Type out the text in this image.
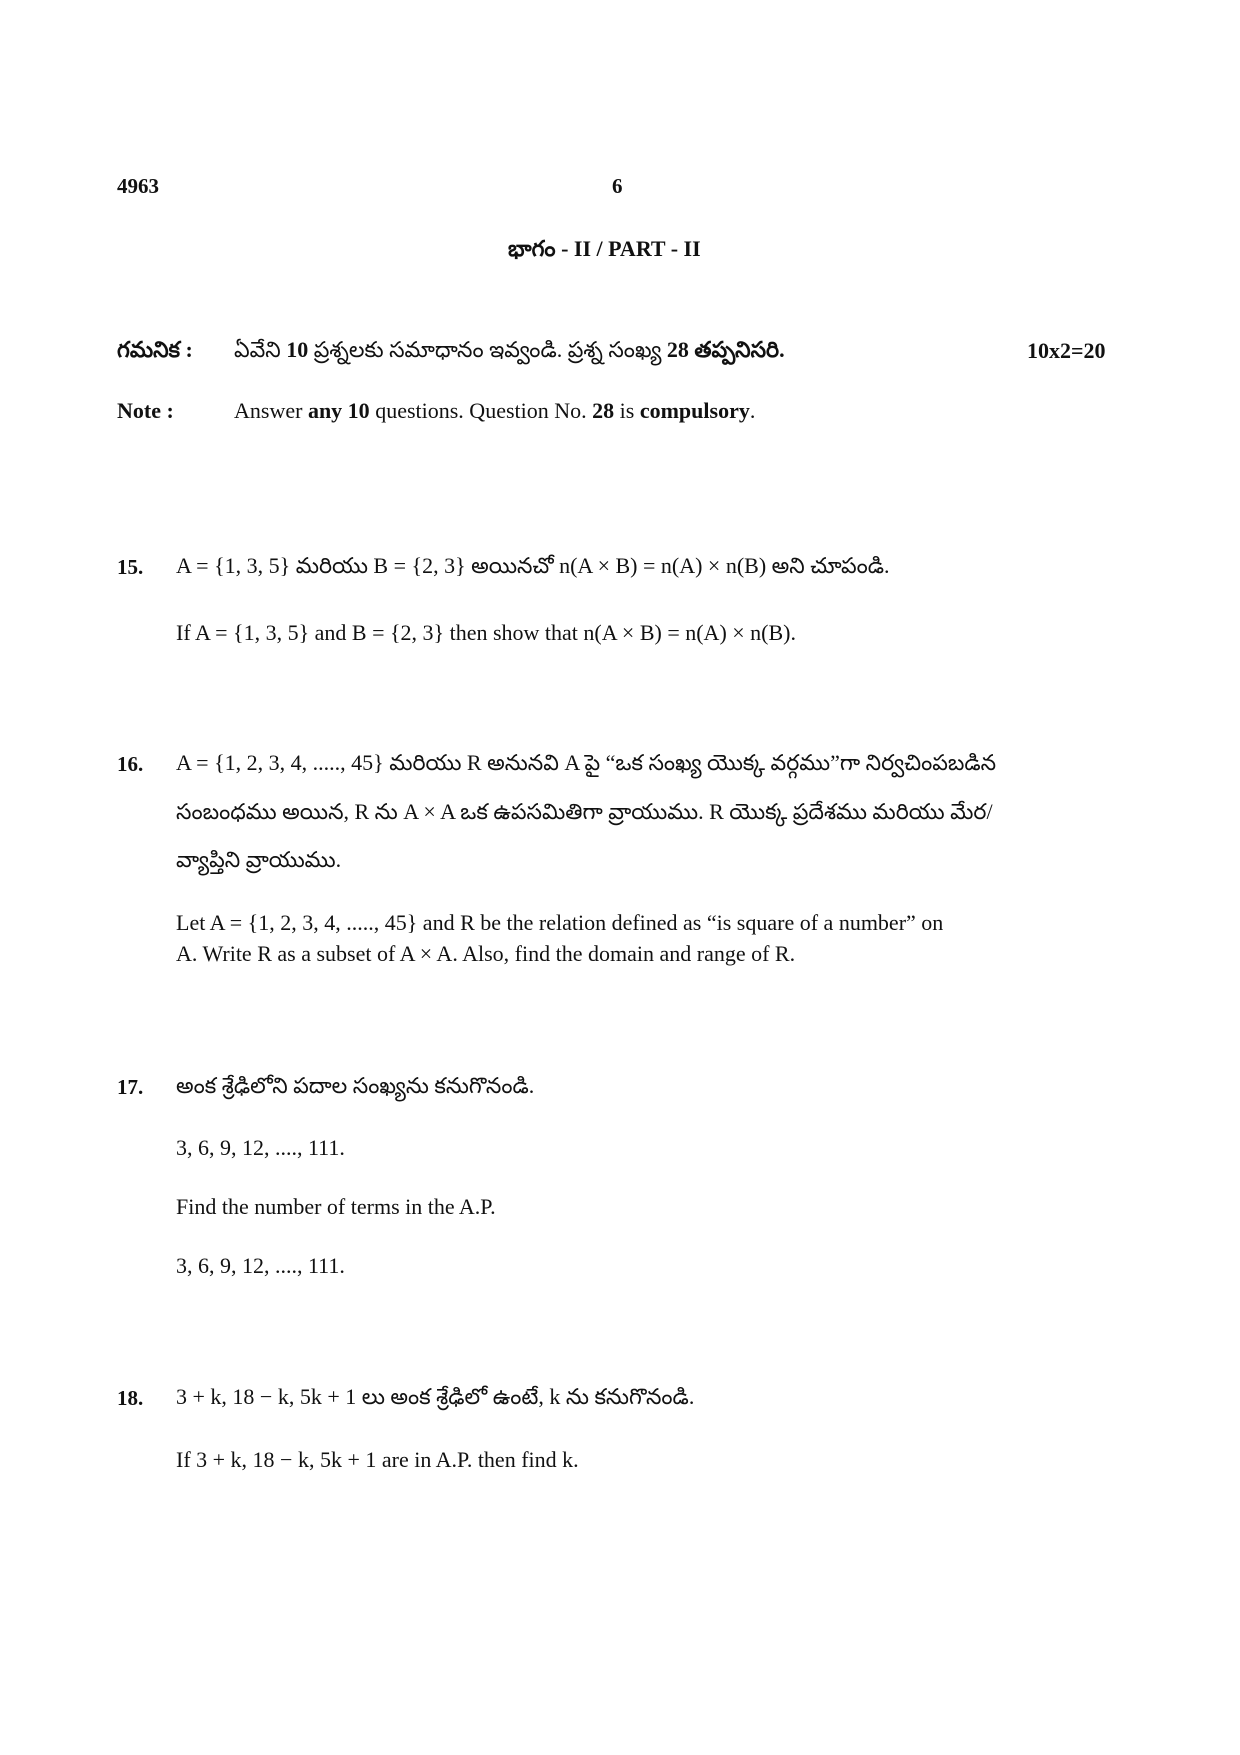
4963	6
భాగం - II / PART - II
గమనిక : ఏవేని 10 ప్రశ్నలకు సమాధానం ఇవ్వండి. ప్రశ్న సంఖ్య 28 తప్పనిసరి.	10x2=20
Note :	Answer any 10 questions. Question No. 28 is compulsory.
15. A = {1, 3, 5} మరియు B = {2, 3} అయినచో n(A × B) = n(A) × n(B) అని చూపండి.
If A = {1, 3, 5} and B = {2, 3} then show that n(A × B) = n(A) × n(B).
16. A = {1, 2, 3, 4, ....., 45} మరియు R అనునవి A పై “ఒక సంఖ్య యొక్క వర్గము”గా నిర్వచింపబడిన
సంబంధము అయిన, R ను A × A ఒక ఉపసమితిగా వ్రాయుము. R యొక్క ప్రదేశము మరియు మేర/
వ్యాప్తిని వ్రాయుము.
Let A = {1, 2, 3, 4, ....., 45} and R be the relation defined as “is square of a number” on
A. Write R as a subset of A × A. Also, find the domain and range of R.
17. అంక శ్రేఢిలోని పదాల సంఖ్యను కనుగొనండి.
3, 6, 9, 12, ...., 111.
Find the number of terms in the A.P.
3, 6, 9, 12, ...., 111.
18. 3 + k, 18 − k, 5k + 1 లు అంక శ్రేఢిలో ఉంటే, k ను కనుగొనండి.
If 3 + k, 18 − k, 5k + 1 are in A.P. then find k.
